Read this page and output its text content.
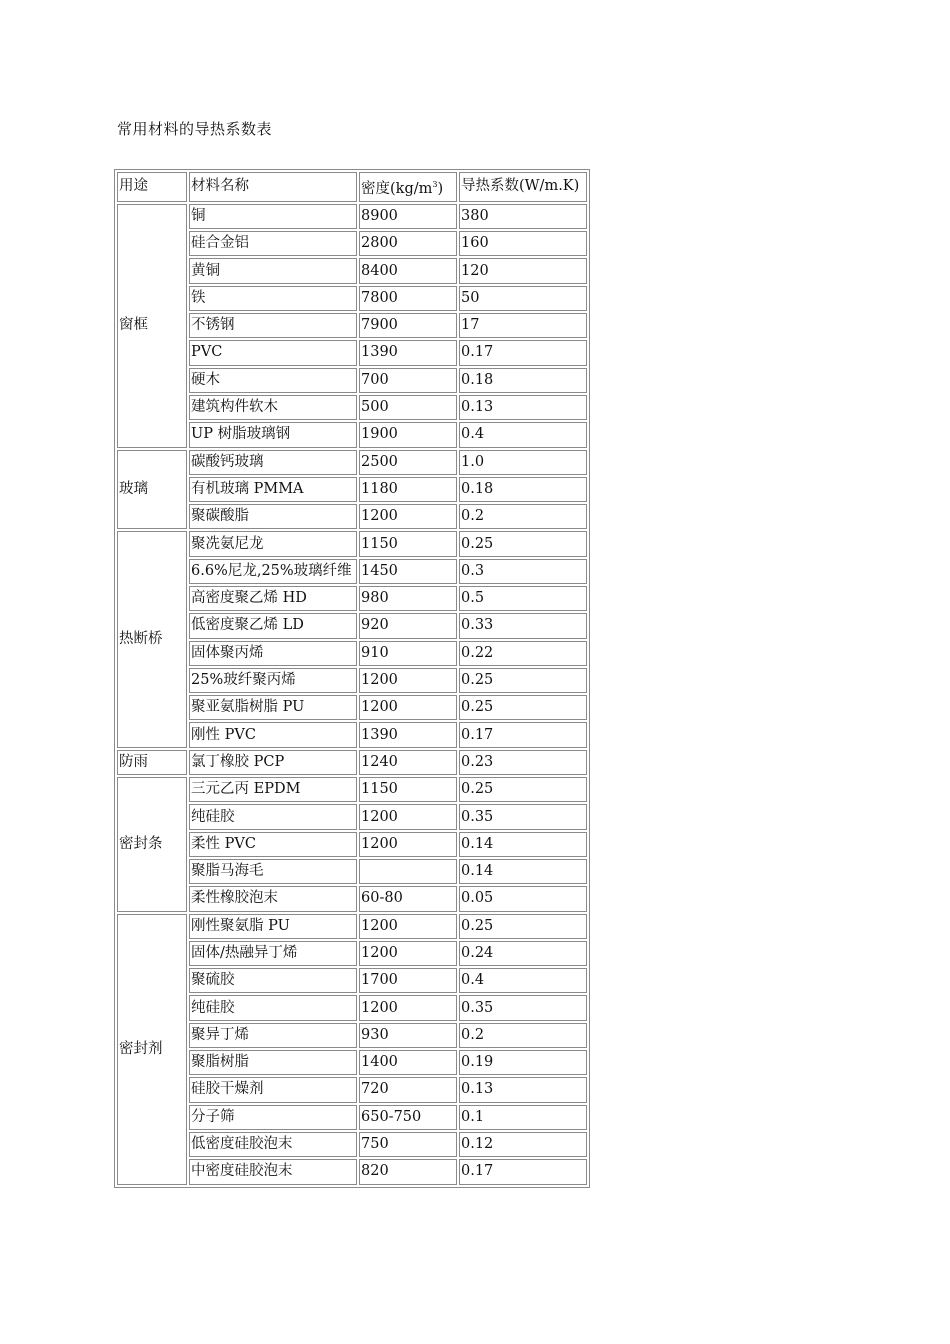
常用材料的导热系数表
用途	材料名称	密度$(kg/m^3)$	导热系数(W/m.K)
窗框	铜	8900	380
	硅合金铝	2800	160
	黄铜	8400	120
	铁	7800	50
	不锈钢	7900	17
	PVC	1390	0.17
	硬木	700	0.18
	建筑构件软木	500	0.13
	UP 树脂玻璃钢	1900	0.4
玻璃	碳酸钙玻璃	2500	1.0
	有机玻璃 PMMA	1180	0.18
	聚碳酸脂	1200	0.2
热断桥	聚冼氨尼龙	1150	0.25
	6.6%尼龙,25%玻璃纤维	1450	0.3
	高密度聚乙烯 HD	980	0.5
	低密度聚乙烯 LD	920	0.33
	固体聚丙烯	910	0.22
	25%玻纤聚丙烯	1200	0.25
	聚亚氨脂树脂 PU	1200	0.25
	刚性 PVC	1390	0.17
防雨	氯丁橡胶 PCP	1240	0.23
密封条	三元乙丙 EPDM	1150	0.25
	纯硅胶	1200	0.35
	柔性 PVC	1200	0.14
	聚脂马海毛		0.14
	柔性橡胶泡末	60-80	0.05
密封剂	刚性聚氨脂 PU	1200	0.25
	固体/热融异丁烯	1200	0.24
	聚硫胶	1700	0.4
	纯硅胶	1200	0.35
	聚异丁烯	930	0.2
	聚脂树脂	1400	0.19
	硅胶干燥剂	720	0.13
	分子筛	650-750	0.1
	低密度硅胶泡末	750	0.12
	中密度硅胶泡末	820	0.17
